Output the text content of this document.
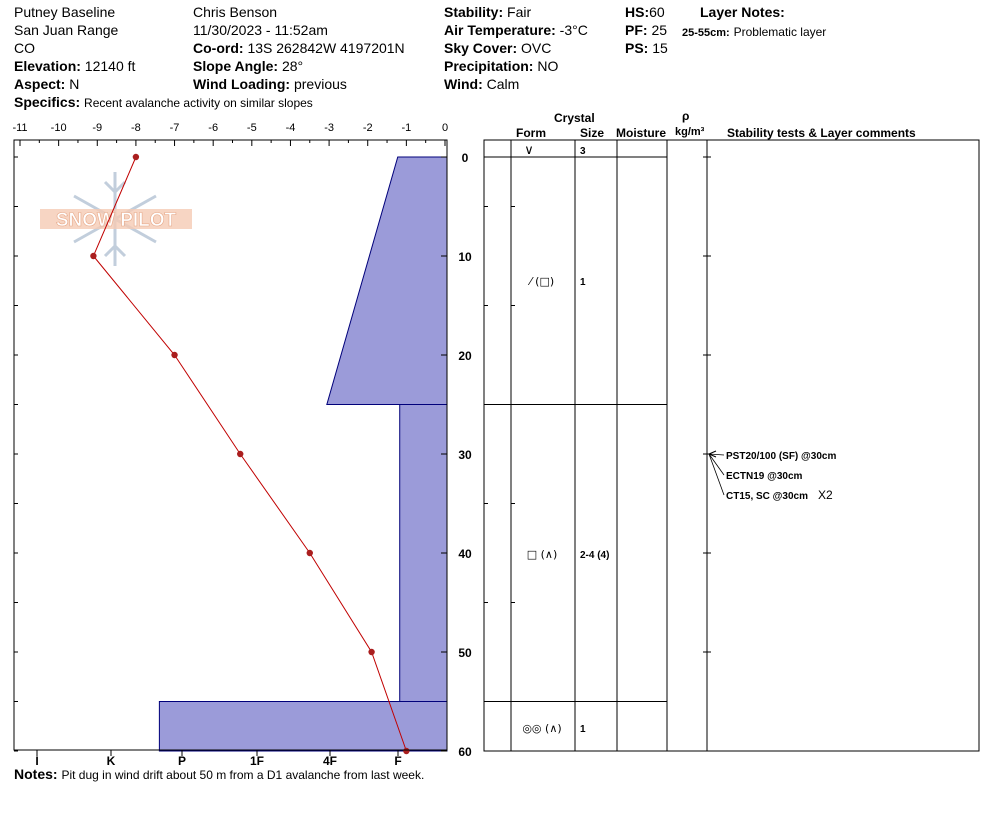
Putney Baseline
San Juan Range
CO
Elevation: 12140 ft
Aspect: N
Specifics: Recent avalanche activity on similar slopes
Chris Benson
11/30/2023 - 11:52am
Co-ord: 13S 262842W 4197201N
Slope Angle: 28°
Wind Loading: previous
Stability: Fair
Air Temperature: -3°C
Sky Cover: OVC
Precipitation: NO
Wind: Calm
HS:60
PF: 25
PS: 15
Layer Notes:
25-55cm: Problematic layer
Crystal
Form	Size Moisture
ρ
kg/m³ Stability tests & Layer comments
Notes: Pit dug in wind drift about 50 m from a D1 avalanche from last week.
SNOW PILOT
-11 -10 -9	-8	-7	-6	-5	-4	-3	-2	-1	0
0
10
20
30
40
50
60
I	K	P	1F	4F	F
∨	3
⁄ (□)	1
□ (∧) 2-4 (4)
◎◎ (∧) 1
PST20/100 (SF) @30cm
ECTN19 @30cm
CT15, SC @30cm X2
